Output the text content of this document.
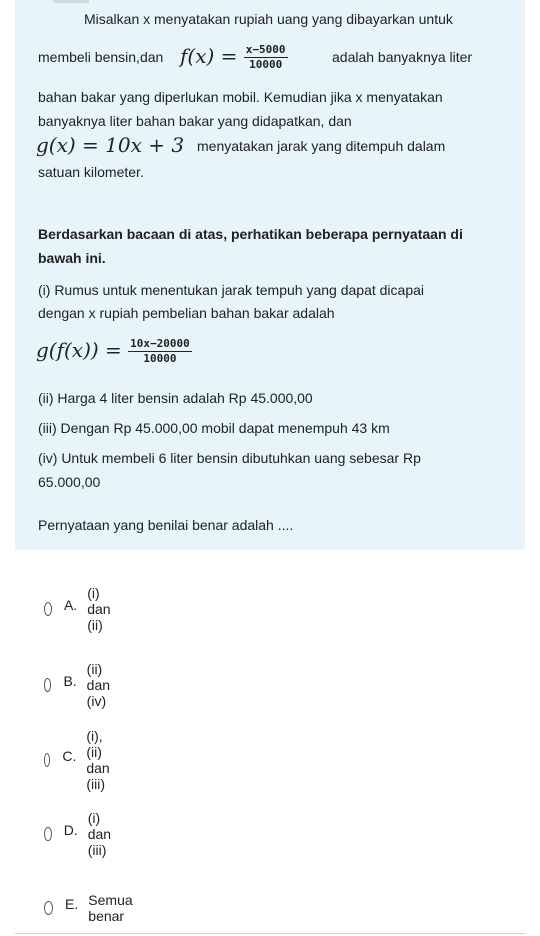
Misalkan x menyatakan rupiah uang yang dibayarkan untuk
membeli bensin,dan $f(x) = \frac{x-5000}{10000}$	adalah banyaknya liter
bahan bakar yang diperlukan mobil. Kemudian jika x menyatakan
banyaknya liter bahan bakar yang didapatkan, dan
g(x) = 10x + 3 menyatakan jarak yang ditempuh dalam
satuan kilometer.
Berdasarkan bacaan di atas, perhatikan beberapa pernyataan di
bawah ini.
(i) Rumus untuk menentukan jarak tempuh yang dapat dicapai
dengan x rupiah pembelian bahan bakar adalah
$g(f(x)) = \frac{10x-20000}{10000}$
(ii) Harga 4 liter bensin adalah Rp 45.000,00
(iii) Dengan Rp 45.000,00 mobil dapat menempuh 43 km
(iv) Untuk membeli 6 liter bensin dibutuhkan uang sebesar Rp
65.000,00
Pernyataan yang benilai benar adalah ....
A.
(i) dan (ii)
B.
(ii) dan (iv)
C.
(i), (ii) dan (iii)
D.
(i) dan (iii)
E. Semua benar
